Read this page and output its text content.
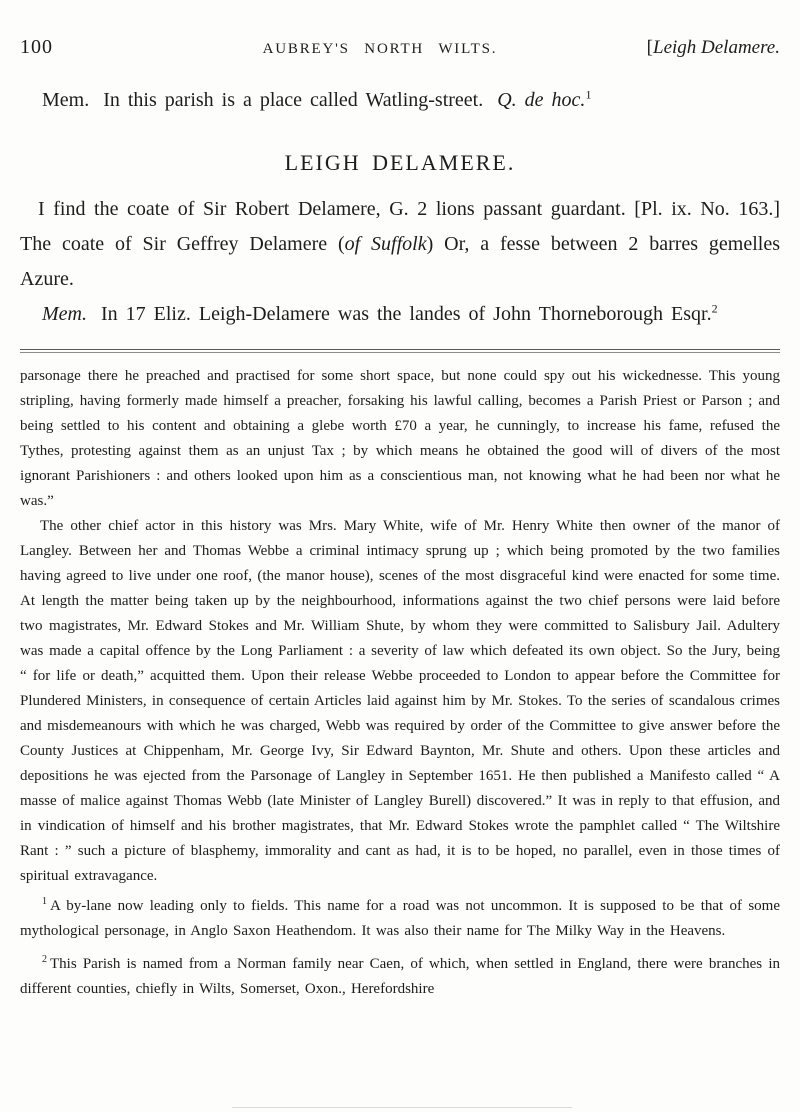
100	AUBREY'S NORTH WILTS.	[Leigh Delamere.

Mem. In this parish is a place called Watling-street. Q. de hoc.$^1$

LEIGH DELAMERE.

I find the coate of Sir Robert Delamere, G. 2 lions passant guardant. [Pl. ix. No. 163.] The coate of Sir Geffrey Delamere (of Suffolk) Or, a fesse between 2 barres gemelles Azure.

Mem. In 17 Eliz. Leigh-Delamere was the landes of John Thorneborough Esqr.$^2$

parsonage there he preached and practised for some short space, but none could spy out his wickednesse. This young stripling, having formerly made himself a preacher, forsaking his lawful calling, becomes a Parish Priest or Parson ; and being settled to his content and obtaining a glebe worth £70 a year, he cunningly, to increase his fame, refused the Tythes, protesting against them as an unjust Tax ; by which means he obtained the good will of divers of the most ignorant Parishioners : and others looked upon him as a conscientious man, not knowing what he had been nor what he was.”

The other chief actor in this history was Mrs. Mary White, wife of Mr. Henry White then owner of the manor of Langley. Between her and Thomas Webbe a criminal intimacy sprung up ; which being promoted by the two families having agreed to live under one roof, (the manor house), scenes of the most disgraceful kind were enacted for some time. At length the matter being taken up by the neighbourhood, informations against the two chief persons were laid before two magistrates, Mr. Edward Stokes and Mr. William Shute, by whom they were committed to Salisbury Jail. Adultery was made a capital offence by the Long Parliament : a severity of law which defeated its own object. So the Jury, being “ for life or death,” acquitted them. Upon their release Webbe proceeded to London to appear before the Committee for Plundered Ministers, in consequence of certain Articles laid against him by Mr. Stokes. To the series of scandalous crimes and misdemeanours with which he was charged, Webb was required by order of the Committee to give answer before the County Justices at Chippenham, Mr. George Ivy, Sir Edward Baynton, Mr. Shute and others. Upon these articles and depositions he was ejected from the Parsonage of Langley in September 1651. He then published a Manifesto called “ A masse of malice against Thomas Webb (late Minister of Langley Burell) discovered.” It was in reply to that effusion, and in vindication of himself and his brother magistrates, that Mr. Edward Stokes wrote the pamphlet called “ The Wiltshire Rant : ” such a picture of blasphemy, immorality and cant as had, it is to be hoped, no parallel, even in those times of spiritual extravagance.

$^1$ A by-lane now leading only to fields. This name for a road was not uncommon. It is supposed to be that of some mythological personage, in Anglo Saxon Heathendom. It was also their name for The Milky Way in the Heavens.

$^2$ This Parish is named from a Norman family near Caen, of which, when settled in England, there were branches in different counties, chiefly in Wilts, Somerset, Oxon., Herefordshire
